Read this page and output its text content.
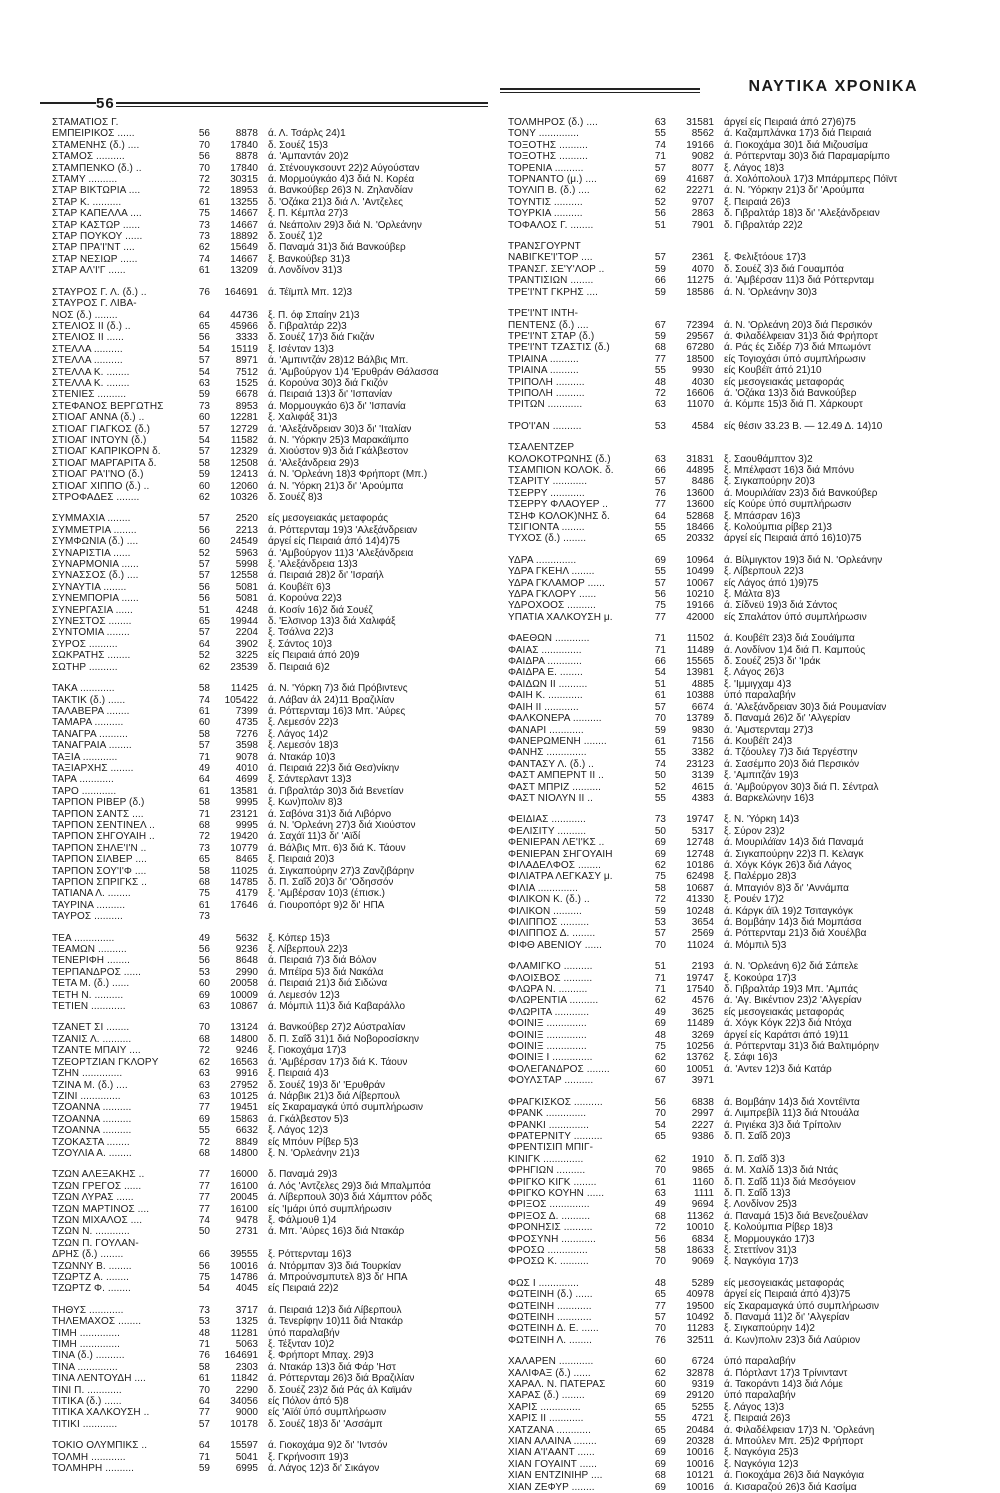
ΝΑΥΤΙΚΑ ΧΡΟΝΙΚΑ
56
ΣΤΑΜΑΤΙΟΣ Γ.
ΕΜΠΕΙΡΙΚΟΣ ......	56	8878	ά. Λ. Τσάρλς 24)1
ΣΤΑΜΕΝΗΣ (δ.) ....	70	17840	δ. Σουέζ 15)3
ΣΤΑΜΟΣ ..........	56	8878	ά. 'Αμπαντάν 20)2
ΣΤΑΜΠΕΝΚΟ (δ.) ..	70	17840	ά. Στένουγκσουντ 22)2 Αύγούσταν
ΣΤΑΜΥ ..........	72	30315	ά. Μορμούγκάο 4)3 διά Ν. Κορέα
ΣΤΑΡ ΒΙΚΤΩΡΙΑ ....	72	18953	ά. Βανκούβερ 26)3 Ν. Ζηλανδίαν
ΣΤΑΡ Κ. ..........	61	13255	δ. 'Οζάκα 21)3 διά Λ. 'Αντζελες
ΣΤΑΡ ΚΑΠΕΛΛΑ ....	75	14667	ξ. Π. Κέμπλα 27)3
ΣΤΑΡ ΚΑΣΤΩΡ ......	73	14667	ά. Νεάπολιν 29)3 διά Ν. 'Ορλεάνην
ΣΤΑΡ ΠΟΥΚΟΥ ......	73	18892	δ. Σουέζ 1)2
ΣΤΑΡ ΠΡΑ'Ι'ΝΤ ....	62	15649	δ. Παναμά 31)3 διά Βανκούβερ
ΣΤΑΡ ΝΕΣΙΩΡ ......	74	14667	ξ. Βανκούβερ 31)3
ΣΤΑΡ ΑΛ'Ι'Γ ......	61	13209	ά. Λονδίνον 31)3
ΣΤΑΥΡΟΣ Γ. Λ. (δ.) ..	76	164691	ά. Τέϊμπλ Μπ. 12)3
ΣΤΑΥΡΟΣ Γ. ΛΙΒΑ-
ΝΟΣ (δ.) ........	64	44736	ξ. Π. όφ Σπαίην 21)3
ΣΤΕΛΙΟΣ ΙΙ (δ.) ..	65	45966	δ. Γιβραλτάρ 22)3
ΣΤΕΛΙΟΣ ΙΙ ......	56	3333	δ. Σουέζ 17)3 διά Γκιζάν
ΣΤΕΛΛΑ ..........	54	15119	ξ. Ισένταν 13)3
ΣΤΕΛΛΑ ..........	57	8971	ά. 'Αμπιντζάν 28)12 Βάλβις Μπ.
ΣΤΕΛΛΑ Κ. ........	54	7512	ά. 'Αμβούργον 1)4 'Ερυθράν Θάλασσα
ΣΤΕΛΛΑ Κ. ........	63	1525	ά. Κορούνα 30)3 διά Γκιζόν
ΣΤΕΝΙΕΣ ..........	59	6678	ά. Πειραιά 13)3 δι' 'Ισπανίαν
ΣΤΕΦΑΝΟΣ ΒΕΡΓΩΤΗΣ	73	8953	ά. Μορμουγκάο 6)3 δι' 'Ισπανία
ΣΤΙΟΑΓ ΑΝΝΑ (δ.) ..	60	12281	ξ. Χαλιφάξ 31)3
ΣΤΙΟΑΓ ΓΙΑΓΚΟΣ (δ.)	57	12729	ά. 'Αλεξάνδρειαν 30)3 δι' 'Ιταλίαν
ΣΤΙΟΑΓ ΙΝΤΟΥΝ (δ.)	54	11582	ά. Ν. 'Υόρκην 25)3 Μαρακάϊμπο
ΣΤΙΟΑΓ ΚΑΠΡΙΚΟΡΝ δ.	57	12329	ά. Χιούστον 9)3 διά Γκάλβεστον
ΣΤΙΟΑΓ ΜΑΡΓΑΡΙΤΑ δ.	58	12508	ά. 'Αλεξάνδρεια 29)3
ΣΤΙΟΑΓ ΡΑ'Ι'ΝΟ (δ.)	59	12413	ά. Ν. 'Ορλεάνη 18)3 Φρήπορτ (Μπ.)
ΣΤΙΟΑΓ ΧΙΠΠΟ (δ.) ..	60	12060	ά. Ν. 'Υόρκη 21)3 δι' 'Αρούμπα
ΣΤΡΟΦΑΔΕΣ ........	62	10326	δ. Σουέζ 8)3
ΣΥΜΜΑΧΙΑ ........	57	2520	είς μεσογειακάς μεταφοράς
ΣΥΜΜΕΤΡΙΑ ........	56	2213	ά. Ρόττερνταμ 19)3 'Αλεξάνδρειαν
ΣΥΜΦΩΝΙΑ (δ.) ....	60	24549	άργεί είς Πειραιά άπό 14)4)75
ΣΥΝΑΡΙΣΤΙΑ ......	52	5963	ά. 'Αμβούργον 11)3 'Αλεξάνδρεια
ΣΥΝΑΡΜΟΝΙΑ ......	57	5998	ξ. 'Αλεξάνδρεια 13)3
ΣΥΝΑΣΣΟΣ (δ.) ....	57	12558	ά. Πειραιά 28)2 δι' 'Ισραήλ
ΣΥΝΑΥΤΙΑ ........	56	5081	ά. Κουβέϊτ 6)3
ΣΥΝΕΜΠΟΡΙΑ ......	56	5081	ά. Κορούνα 22)3
ΣΥΝΕΡΓΑΣΙΑ ......	51	4248	ά. Κοσίν 16)2 διά Σουέζ
ΣΥΝΕΣΤΟΣ ........	65	19944	δ. 'Ελσινορ 13)3 διά Χαλιφάξ
ΣΥΝΤΟΜΙΑ ........	57	2204	ξ. Τσάλνα 22)3
ΣΥΡΟΣ ..........	64	3902	ξ. Σάντος 10)3
ΣΩΚΡΑΤΗΣ ........	52	3225	είς Πειραιά άπό 20)9
ΣΩΤΗΡ ..........	62	23539	δ. Πειραιά 6)2
ΤΑΚΑ ............	58	11425	ά. Ν. 'Υόρκη 7)3 διά Πρόβιντενς
ΤΑΚΤΙΚ (δ.) ......	74	105422	ά. Λάβαν άλ 24)11 Βραζιλίαν
ΤΑΛΑΒΕΡΑ ........	61	7399	ά. Ρόττερνταμ 16)3 Μπ. 'Αύρες
ΤΑΜΑΡΑ ..........	60	4735	ξ. Λεμεσόν 22)3
ΤΑΝΑΓΡΑ ..........	58	7276	ξ. Λάγος 14)2
ΤΑΝΑΓΡΑΙΑ ........	57	3598	ξ. Λεμεσόν 18)3
ΤΑΞΙΑ ............	71	9078	ά. Ντακάρ 10)3
ΤΑΞΙΑΡΧΗΣ ........	49	4010	ά. Πειραιά 22)3 διά Θεσ)νίκην
ΤΑΡΑ ............	64	4699	ξ. Σάντερλαντ 13)3
ΤΑΡΟ ............	61	13581	ά. Γιβραλτάρ 30)3 διά Βενετίαν
ΤΑΡΠΟΝ ΡΙΒΕΡ (δ.)	58	9995	ξ. Κων)πολιν 8)3
ΤΑΡΠΟΝ ΣΑΝΤΣ ....	71	23121	ά. Σαβόνα 31)3 διά Λιβόρνο
ΤΑΡΠΟΝ ΣΕΝΤΙΝΕΛ ..	68	9995	ά. Ν. 'Ορλεάνη 27)3 διά Χιούστον
ΤΑΡΠΟΝ ΣΗΓΟΥΑΙΗ ..	72	19420	ά. Σαχάϊ 11)3 δι' 'Αϊδί
ΤΑΡΠΟΝ ΣΗΛΕ'Ι'Ν ..	73	10779	ά. Βάλβις Μπ. 6)3 διά Κ. Τάουν
ΤΑΡΠΟΝ ΣΙΛΒΕΡ ....	65	8465	ξ. Πειραιά 20)3
ΤΑΡΠΟΝ ΣΟΥ'Ι'Φ ....	58	11025	ά. Σιγκαπούρην 27)3 Ζανζιβάρην
ΤΑΡΠΟΝ ΣΠΡΙΓΚΣ ..	68	14785	δ. Π. Σαΐδ 20)3 δι' 'Οδησσόν
ΤΑΤΙΑΝΑ Λ. ........	75	4179	ξ. 'Αμβέρσαν 10)3 (έπισκ.)
ΤΑΥΡΙΝΑ ..........	61	17646	ά. Γιουροπόρτ 9)2 δι' ΗΠΑ
ΤΑΥΡΟΣ ..........	73
ΤΕΑ ..............	49	5632	ξ. Κόπερ 15)3
ΤΕΑΜΩΝ ..........	56	9236	ξ. Λίβερπουλ 22)3
ΤΕΝΕΡΙΦΗ ........	56	8648	ά. Πειραιά 7)3 διά Βόλον
ΤΕΡΠΑΝΔΡΟΣ ......	53	2990	ά. Μπέϊρα 5)3 διά Νακάλα
ΤΕΤΑ Μ. (δ.) ......	60	20058	ά. Πειραιά 21)3 διά Σιδώνα
ΤΕΤΗ Ν. ..........	69	10009	ά. Λεμεσόν 12)3
ΤΕΤΙΕΝ ............	63	10867	ά. Μόμπιλ 11)3 διά Καβαράλλο
ΤΖΑΝΕΤ ΣΙ ........	70	13124	ά. Βανκούβερ 27)2 Αύστραλίαν
ΤΖΑΝΙΣ Λ. ..........	68	14800	δ. Π. Σαΐδ 31)1 διά Νοβοροσίσκην
ΤΖΑΝΤΕ ΜΠΑΙΥ ....	72	9246	ξ. Γιοκοχάμα 17)3
ΤΖΕΟΡΤΖΙΑΝ ΓΚΛΟΡΥ	62	16563	ά. 'Αμβέρσαν 17)3 διά Κ. Τάουν
ΤΖΗΝ ..............	63	9916	ξ. Πειραιά 4)3
ΤΖΙΝΑ Μ. (δ.) ....	63	27952	δ. Σουέζ 19)3 δι' 'Ερυθράν
ΤΖΙΝΙ ..............	63	10125	ά. Νάρβικ 21)3 διά Λίβερπουλ
ΤΖΟΑΝΝΑ ..........	77	19451	είς Σκαραμαγκά ύπό συμπλήρωσιν
ΤΖΟΑΝΝΑ ..........	69	15863	ά. Γκάλβεστον 5)3
ΤΖΟΑΝΝΑ ..........	55	6632	ξ. Λάγος 12)3
ΤΖΟΚΑΣΤΑ ........	72	8849	είς Μπόυν Ρίβερ 5)3
ΤΖΟΥΛΙΑ Α. ........	68	14800	ξ. Ν. 'Ορλεάνην 21)3
ΤΖΩΝ ΑΛΕΞΑΚΗΣ ..	77	16000	δ. Παναμά 29)3
ΤΖΩΝ ΓΡΕΓΟΣ ......	77	16100	ά. Λός 'Αντζελες 29)3 διά Μπαλμπόα
ΤΖΩΝ ΛΥΡΑΣ ......	77	20045	ά. Λίβερπουλ 30)3 διά Χάμπτον ρόδς
ΤΖΩΝ ΜΑΡΤΙΝΟΣ ....	77	16100	είς 'Ιμάρι ύπό συμπλήρωσιν
ΤΖΩΝ ΜΙΧΑΛΟΣ ....	74	9478	ξ. Φάλμουθ 1)4
ΤΖΩΝ Ν. ............	50	2731	ά. Μπ. 'Αύρες 16)3 διά Ντακάρ
ΤΖΩΝ Π. ΓΟΥΛΑΝ-
ΔΡΗΣ (δ.) ........	66	39555	ξ. Ρόττερνταμ 16)3
ΤΖΩΝΝΥ Β. ........	56	10016	ά. Ντόρμπαν 3)3 διά Τουρκίαν
ΤΖΩΡΤΖ Α. ........	75	14786	ά. Μπρούνσμπυτελ 8)3 δι' ΗΠΑ
ΤΖΩΡΤΖ Φ. ........	54	4045	είς Πειραιά 22)2
ΤΗΘΥΣ ............	73	3717	ά. Πειραιά 12)3 διά Λίβερπουλ
ΤΗΛΕΜΑΧΟΣ ........	53	1325	ά. Τενερίφην 10)11 διά Ντακάρ
ΤΙΜΗ ..............	48	11281	ύπό παραλαβήν
ΤΙΜΗ ..............	71	5063	ξ. Τέξνταν 10)2
ΤΙΝΑ (δ.) ..........	76	164691	ξ. Φρήπορτ Μπαχ. 29)3
ΤΙΝΑ ..............	58	2303	ά. Ντακάρ 13)3 διά Φάρ 'Ηστ
ΤΙΝΑ ΛΕΝΤΟΥΔΗ ....	61	11842	ά. Ρόττερνταμ 26)3 διά Βραζιλίαν
ΤΙΝΙ Π. ............	70	2290	δ. Σουέζ 23)2 διά Ράς άλ Καϊμάν
ΤΙΤΙΚΑ (δ.) ......	64	34056	είς Πόλον άπό 5)8
ΤΙΤΙΚΑ ΧΑΛΚΟΥΣΗ ..	77	9000	είς 'Αϊόϊ ύπό συμπλήρωσιν
ΤΙΤΙΚΙ ............	57	10178	δ. Σουέζ 18)3 δι' 'Ασσάμπ
ΤΟΚΙΟ ΟΛΥΜΠΙΚΣ ..	64	15597	ά. Γιοκοχάμα 9)2 δι' 'Ιντσόν
ΤΟΛΜΗ ............	71	5041	ξ. Γκρήνοσιπ 19)3
ΤΟΛΜΗΡΗ ..........	59	6995	ά. Λάγος 12)3 δι' Σικάγον
ΤΟΛΜΗΡΟΣ (δ.) ....	63	31581	άργεί είς Πειραιά άπό 27)6)75
ΤΟΝΥ ..............	55	8562	ά. Καζαμπλάνκα 17)3 διά Πειραιά
ΤΟΞΟΤΗΣ ..........	74	19166	ά. Γιοκοχάμα 30)1 διά Μιζουσίμα
ΤΟΞΟΤΗΣ ..........	71	9082	ά. Ρόττερνταμ 30)3 διά Παραμαρίμπο
ΤΟΡΕΝΙΑ ..........	57	8077	ξ. Λάγος 18)3
ΤΟΡΝΑΝΤΟ (μ.) ....	69	41687	ά. Χολόπολουλ 17)3 Μπάρμπερς Πόϊντ
ΤΟΥΛΙΠ Β. (δ.) ....	62	22271	ά. Ν. 'Υόρκην 21)3 δι' 'Αρούμπα
ΤΟΥΝΤΙΣ ..........	52	9707	ξ. Πειραιά 26)3
ΤΟΥΡΚΙΑ ..........	56	2863	δ. Γιβραλτάρ 18)3 δι' 'Αλεξάνδρειαν
ΤΟΦΑΛΟΣ Γ. ........	51	7901	δ. Γιβραλτάρ 22)2
ΤΡΑΝΣΓΟΥΡΝΤ
ΝΑΒΙΓΚΕ'Ι'ΤΟΡ ....	57	2361	ξ. Φελιξτόουε 17)3
ΤΡΑΝΣΓ. ΣΕ'Υ'ΛΟΡ ..	59	4070	δ. Σουέζ 3)3 διά Γουαμπόα
ΤΡΑΝΤΙΣΙΩΝ ........	66	11275	ά. 'Αμβέρσαν 11)3 διά Ρόττερνταμ
ΤΡΕ'Ι'ΝΤ ΓΚΡΗΣ ....	59	18586	ά. Ν. 'Ορλεάνην 30)3
ΤΡΕ'Ι'ΝΤ ΙΝΤΗ-
ΠΕΝΤΕΝΣ (δ.) ....	67	72394	ά. Ν. 'Ορλεάνη 20)3 διά Περσικόν
ΤΡΕ'Ι'ΝΤ ΣΤΑΡ (δ.)	59	29567	ά. Φιλαδέλφειαν 31)3 διά Φρήπορτ
ΤΡΕ'Ι'ΝΤ ΤΖΑΣΤΙΣ (δ.)	68	67280	ά. Ράς ές Σιδέρ 7)3 διά Μπωμόντ
ΤΡΙΑΙΝΑ ..........	77	18500	είς Τογιοχάσι ύπό συμπλήρωσιν
ΤΡΙΑΙΝΑ ..........	55	9930	είς Κουβέϊτ άπό 21)10
ΤΡΙΠΟΛΗ ..........	48	4030	είς μεσογειακάς μεταφοράς
ΤΡΙΠΟΛΗ ..........	72	16606	ά. 'Οζάκα 13)3 διά Βανκούβερ
ΤΡΙΤΩΝ ............	63	11070	ά. Κόμπε 15)3 διά Π. Χάρκουρτ
ΤΡΟ'Ι'ΑΝ ..........	53	4584	είς θέσιν 33.23 Β. — 12.49 Δ. 14)10
ΤΣΑΛΕΝΤΖΕΡ
ΚΟΛΟΚΟΤΡΩΝΗΣ (δ.)	63	31831	ξ. Σαουθάμπτον 3)2
ΤΣΑΜΠΙΟΝ ΚΟΛΟΚ. δ.	66	44895	ξ. Μπέλφαστ 16)3 διά Μπόνυ
ΤΣΑΡΙΤΥ ............	57	8486	ξ. Σιγκαπούρην 20)3
ΤΣΕΡΡΥ ............	76	13600	ά. Μουριλάϊαν 23)3 διά Βανκούβερ
ΤΣΕΡΡΥ ΦΛΑΟΥΕΡ ..	77	13600	είς Κούρε ύπό συμπλήρωσιν
ΤΣΗΦ ΚΟΛΟΚ)ΝΗΣ δ.	64	52868	ξ. Μπάσραν 16)3
ΤΣΙΓΙΟΝΤΑ ........	55	18466	ξ. Κολούμπια ρίβερ 21)3
ΤΥΧΟΣ (δ.) ........	65	20332	άργεί είς Πειραιά άπό 16)10)75
ΥΔΡΑ ..............	69	10964	ά. Βίλμιγκτον 19)3 διά Ν. 'Ορλεάνην
ΥΔΡΑ ΓΚΕΗΛ ........	55	10499	ξ. Λίβερπουλ 22)3
ΥΔΡΑ ΓΚΛΑΜΟΡ ......	57	10067	είς Λάγος άπό 1)9)75
ΥΔΡΑ ΓΚΛΟΡΥ ......	56	10210	ξ. Μάλτα 8)3
ΥΔΡΟΧΟΟΣ ..........	75	19166	ά. Σίδνεϋ 19)3 διά Σάντος
ΥΠΑΤΙΑ ΧΑΛΚΟΥΣΗ μ.	77	42000	είς Σπαλάτον ύπό συμπλήρωσιν
ΦΑΕΘΩΝ ............	71	11502	ά. Κουβέϊτ 23)3 διά Σουάϊμπα
ΦΑΙΑΣ ..............	71	11489	ά. Λονδίνον 1)4 διά Π. Καμπούς
ΦΑΙΔΡΑ ............	66	15565	δ. Σουέζ 25)3 δι' 'Ιράκ
ΦΑΙΔΡΑ Ε. ........	54	13981	ξ. Λάγος 26)3
ΦΑΙΔΩΝ ΙΙ ..........	51	4885	ξ. 'Ιμμιγχαμ 4)3
ΦΑΙΗ Κ. ............	61	10388	ύπό παραλαβήν
ΦΑΙΗ ΙΙ ............	57	6674	ά. 'Αλεξάνδρειαν 30)3 διά Ρουμανίαν
ΦΑΛΚΟΝΕΡΑ ..........	70	13789	δ. Παναμά 26)2 δι' 'Αλγερίαν
ΦΑΝΑΡΙ ............	59	9830	ά. 'Αμστερνταμ 27)3
ΦΑΝΕΡΩΜΕΝΗ ........	61	7156	ά. Κουβέϊτ 24)3
ΦΑΝΗΣ ..............	55	3382	ά. Τζόουλεγ 7)3 διά Τεργέστην
ΦΑΝΤΑΣΥ Λ. (δ.) ..	74	23123	ά. Σασέμπο 20)3 διά Περσικόν
ΦΑΣΤ ΑΜΠΕΡΝΤ ΙΙ ..	50	3139	ξ. 'Αμπιτζάν 19)3
ΦΑΣΤ ΜΠΡΙΖ ..........	52	4615	ά. 'Αμβούργον 30)3 διά Π. Σέντραλ
ΦΑΣΤ ΝΙΟΛΥΝ ΙΙ ..	55	4383	ά. Βαρκελώνην 16)3
ΦΕΙΔΙΑΣ ............	73	19747	ξ. Ν. 'Υόρκη 14)3
ΦΕΛΙΣΙΤΥ ..........	50	5317	ξ. Σύρον 23)2
ΦΕΝΙΕΡΑΝ ΛΕ'Ι'ΚΣ ..	69	12748	ά. Μουριλάϊαν 14)3 διά Παναμά
ΦΕΝΙΕΡΑΝ ΣΗΓΟΥΑΙΗ	69	12748	ά. Σιγκαπούρην 22)3 Π. Κελαγκ
ΦΙΛΑΔΕΛΦΟΣ ........	62	10186	ά. Χόγκ Κόγκ 26)3 διά Λάγος
ΦΙΛΙΑΤΡΑ ΛΕΓΚΑΣΥ μ.	75	62498	ξ. Παλέρμο 28)3
ΦΙΛΙΑ ..............	58	10687	ά. Μπαγιόν 8)3 δι' 'Αννάμπα
ΦΙΛΙΚΟΝ Κ. (δ.) ..	72	41330	ξ. Ρουέν 17)2
ΦΙΛΙΚΟΝ ..........	59	10248	ά. Κάργκ άϊλ 19)2 Τσιταγκόγκ
ΦΙΛΙΠΠΟΣ ..........	53	3654	ά. Βομβάην 14)3 διά Μομπάσα
ΦΙΛΙΠΠΟΣ Δ. ........	57	2569	ά. Ρόττερνταμ 21)3 διά Χουέλβα
ΦΙΦΘ ΑΒΕΝΙΟΥ ......	70	11024	ά. Μόμπιλ 5)3
ΦΛΑΜΙΓΚΟ ..........	51	2193	ά. Ν. 'Ορλεάνη 6)2 διά Σάπελε
ΦΛΟΙΣΒΟΣ ..........	71	19747	ξ. Κοκούρα 17)3
ΦΛΩΡΑ Ν. ..........	71	17540	δ. Γιβραλτάρ 19)3 Μπ. 'Αμπάς
ΦΛΩΡΕΝΤΙΑ ..........	62	4576	ά. 'Αγ. Βικέντιον 23)2 'Αλγερίαν
ΦΛΩΡΙΤΑ ............	49	3625	είς μεσογειακάς μεταφοράς
ΦΟΙΝΙΞ ..............	69	11489	ά. Χόγκ Κόγκ 22)3 διά Ντόχα
ΦΟΙΝΙΞ ..............	48	3269	άργεί είς Καράτσι άπό 19)11
ΦΟΙΝΙΞ ..............	75	10256	ά. Ρόττερνταμ 31)3 διά Βαλτιμόρην
ΦΟΙΝΙΞ Ι ..............	62	13762	ξ. Σάφι 16)3
ΦΟΛΕΓΑΝΔΡΟΣ ........	60	10051	ά. 'Αντεν 12)3 διά Κατάρ
ΦΟΥΛΣΤΑΡ ..........	67	3971
ΦΡΑΓΚΙΣΚΟΣ ..........	56	6838	ά. Βομβάην 14)3 διά Χοντέϊντα
ΦΡΑΝΚ ..............	70	2997	ά. Λιμπρεβίλ 11)3 διά Ντουάλα
ΦΡΑΝΚΙ ..............	54	2227	ά. Ριγιέκα 3)3 διά Τρίπολιν
ΦΡΑΤΕΡΝΙΤΥ ..........	65	9386	δ. Π. Σαΐδ 20)3
ΦΡΕΝΤΙΣΙΠ ΜΠΙΓ-
ΚΙΝΙΓΚ ..............	62	1910	δ. Π. Σαΐδ 3)3
ΦΡΗΓΙΩΝ ..........	70	9865	ά. Μ. Χαλίδ 13)3 διά Ντάς
ΦΡΙΓΚΟ ΚΙΓΚ ........	61	1160	δ. Π. Σαΐδ 11)3 διά Μεσόγειον
ΦΡΙΓΚΟ ΚΟΥΗΝ ......	63	1111	δ. Π. Σαΐδ 13)3
ΦΡΙΞΟΣ ..............	49	9694	ξ. Λονδίνον 25)3
ΦΡΙΞΟΣ Δ. ..........	68	11362	ά. Παναμά 15)3 διά Βενεζουέλαν
ΦΡΟΝΗΣΙΣ ..........	72	10010	ξ. Κολούμπια Ρίβερ 18)3
ΦΡΟΣΥΝΗ ............	56	6834	ξ. Μορμουγκάο 17)3
ΦΡΟΣΩ ..............	58	18633	ξ. Στεττίνον 31)3
ΦΡΟΣΩ Κ. ..........	70	9069	ξ. Ναγκόγια 17)3
ΦΩΣ Ι ..............	48	5289	είς μεσογειακάς μεταφοράς
ΦΩΤΕΙΝΗ (δ.) ......	65	40978	άργεί είς Πειραιά άπό 4)3)75
ΦΩΤΕΙΝΗ ............	77	19500	είς Σκαραμαγκά ύπό συμπλήρωσιν
ΦΩΤΕΙΝΗ ............	57	10492	δ. Παναμά 11)2 δι' 'Αλγερίαν
ΦΩΤΕΙΝΗ Δ. Ε. ......	70	11283	ξ. Σιγκαπούρην 14)2
ΦΩΤΕΙΝΗ Λ. ........	76	32511	ά. Κων)πολιν 23)3 διά Λαύριον
ΧΑΛΑΡΕΝ ............	60	6724	ύπό παραλαβήν
ΧΑΛΙΦΑΞ (δ.) ......	62	32878	ά. Πόρτλαντ 17)3 Τρίνινταντ
ΧΑΡΑΛ. Ν. ΠΑΤΕΡΑΣ	60	9319	ά. Τακοράντι 14)3 διά Λόμε
ΧΑΡΑΣ (δ.) ........	69	29120	ύπό παραλαβήν
ΧΑΡΙΣ ..............	65	5255	ξ. Λάγος 13)3
ΧΑΡΙΣ ΙΙ ............	55	4721	ξ. Πειραιά 26)3
ΧΑΤΖΑΝΑ ............	65	20484	ά. Φιλαδέλφειαν 17)3 Ν. 'Ορλεάνη
ΧΙΑΝ ΑΛΑΙΝΑ ........	69	20328	ά. Μπούλεν Μπ. 25)2 Φρήπορτ
ΧΙΑΝ Α'Ι'ΑΑΝΤ ......	69	10016	ξ. Ναγκόγια 25)3
ΧΙΑΝ ΓΟΥΑΙΝΤ ......	69	10016	ξ. Ναγκόγια 12)3
ΧΙΑΝ ΕΝΤΖΙΝΙΗΡ ....	68	10121	ά. Γιοκοχάμα 26)3 διά Ναγκόγια
ΧΙΑΝ ΖΕΦΥΡ ........	69	10016	ά. Κισαραζού 26)3 διά Κασίμα
